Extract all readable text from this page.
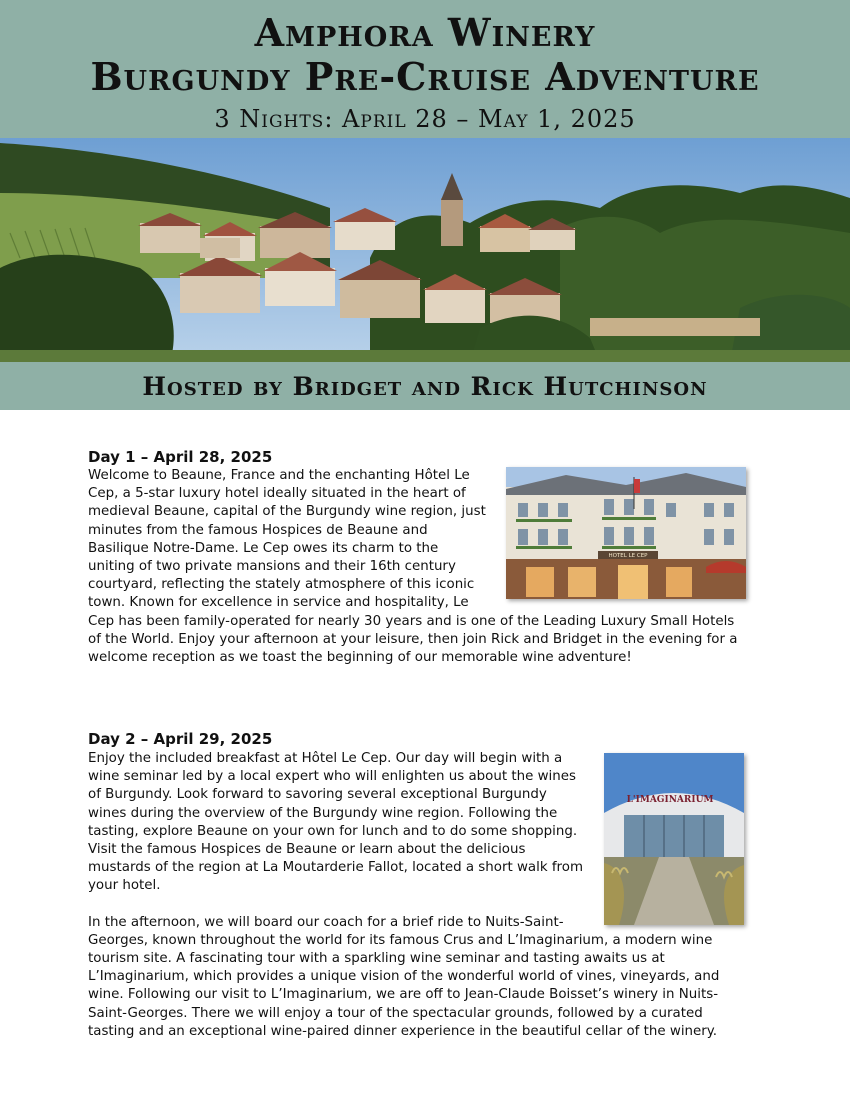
Amphora Winery
Burgundy Pre-Cruise Adventure
3 Nights: April 28 – May 1, 2025
Hosted by Bridget and Rick Hutchinson
Day 1 – April 28, 2025
HOTEL LE CEP

Welcome to Beaune, France and the enchanting Hôtel Le Cep, a 5-star luxury hotel ideally situated in the heart of medieval Beaune, capital of the Burgundy wine region, just minutes from the famous Hospices de Beaune and Basilique Notre-Dame. Le Cep owes its charm to the uniting of two private mansions and their 16th century courtyard, reflecting the stately atmosphere of this iconic town. Known for excellence in service and hospitality, Le Cep has been family-operated for nearly 30 years and is one of the Leading Luxury Small Hotels of the World. Enjoy your afternoon at your leisure, then join Rick and Bridget in the evening for a welcome reception as we toast the beginning of our memorable wine adventure!

Day 2 – April 29, 2025
L'IMAGINARIUM

Enjoy the included breakfast at Hôtel Le Cep. Our day will begin with a wine seminar led by a local expert who will enlighten us about the wines of Burgundy. Look forward to savoring several exceptional Burgundy wines during the overview of the Burgundy wine region. Following the tasting, explore Beaune on your own for lunch and to do some shopping. Visit the famous Hospices de Beaune or learn about the delicious mustards of the region at La Moutarderie Fallot, located a short walk from your hotel.

In the afternoon, we will board our coach for a brief ride to Nuits-Saint-Georges, known throughout the world for its famous Crus and L’Imaginarium, a modern wine tourism site. A fascinating tour with a sparkling wine seminar and tasting awaits us at L’Imaginarium, which provides a unique vision of the wonderful world of vines, vineyards, and wine. Following our visit to L’Imaginarium, we are off to Jean-Claude Boisset’s winery in Nuits-Saint-Georges. There we will enjoy a tour of the spectacular grounds, followed by a curated tasting and an exceptional wine-paired dinner experience in the beautiful cellar of the winery.
